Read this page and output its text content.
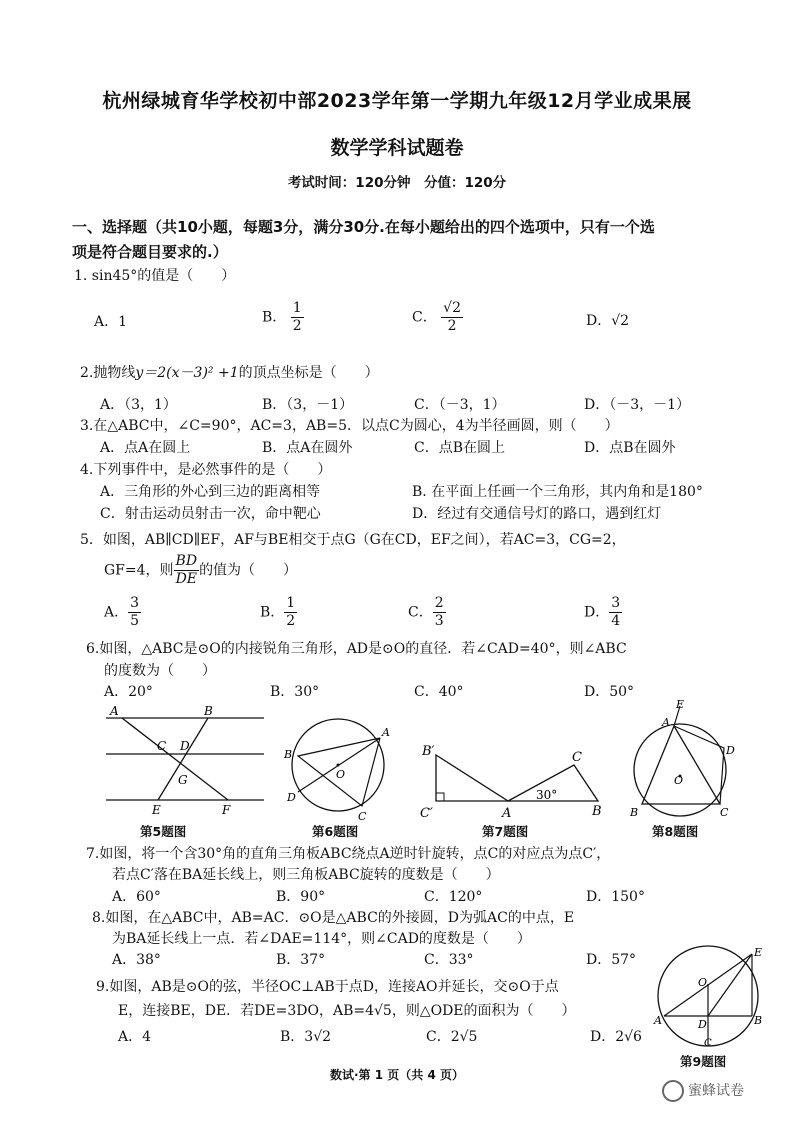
杭州绿城育华学校初中部2023学年第一学期九年级12月学业成果展
数学学科试题卷
考试时间：120分钟　分值：120分
一、选择题（共10小题，每题3分，满分30分.在每小题给出的四个选项中，只有一个选
项是符合题目要求的.）
1. sin45°的值是（　　）
A．1	B． $\frac{1}{2}$	C． $\frac{√2}{2}$	D．√2
2.抛物线y＝2(x－3)² +1的顶点坐标是（　　）
A．（3，1）	B．（3，－1）	C．（－3，1）	D．（－3，－1）
3.在△ABC中，∠C=90°，AC=3，AB=5．以点C为圆心，4为半径画圆，则（　　）
A．点A在圆上	B．点A在圆外	C．点B在圆上	D．点B在圆外
4.下列事件中，是必然事件的是（　　）
A．三角形的外心到三边的距离相等	B. 在平面上任画一个三角形，其内角和是180°
C．射击运动员射击一次，命中靶心	D．经过有交通信号灯的路口，遇到红灯
5．如图，AB∥CD∥EF，AF与BE相交于点G（G在CD，EF之间），若AC=3，CG=2，
GF=4，则 $\frac{BD}{DE}$ 的值为（　　）
A． $\frac{3}{5}$	B． $\frac{1}{2}$	C． $\frac{2}{3}$	D． $\frac{3}{4}$
6.如图，△ABC是⊙O的内接锐角三角形，AD是⊙O的直径．若∠CAD=40°，则∠ABC
的度数为（　　）
A．20°	B．30°	C．40°	D．50°
A	B
C D
G
E	F
第5题图
A
B
O
D
C
第6题图
B′
C′	A
C
B
30°
第7题图
E
A
D
O
B	C
第8题图
7.如图，将一个含30°角的直角三角板ABC绕点A逆时针旋转，点C的对应点为点C′，
若点C′落在BA延长线上，则三角板ABC旋转的度数是（　　）
A．60°	B．90°	C．120°	D．150°
8.如图，在△ABC中，AB=AC．⊙O是△ABC的外接圆，D为弧AC的中点，E
为BA延长线上一点．若∠DAE=114°，则∠CAD的度数是（　　）
A．38°	B．37°	C．33°	D．57°
9.如图，AB是⊙O的弦，半径OC⊥AB于点D，连接AO并延长，交⊙O于点
E，连接BE，DE．若DE=3DO，AB=4√5，则△ODE的面积为（　　）
A．4	B．3√2	C．2√5	D．2√6
E
O
A	B
D
C
第9题图
数试·第 1 页（共 4 页）
蜜蜂试卷
